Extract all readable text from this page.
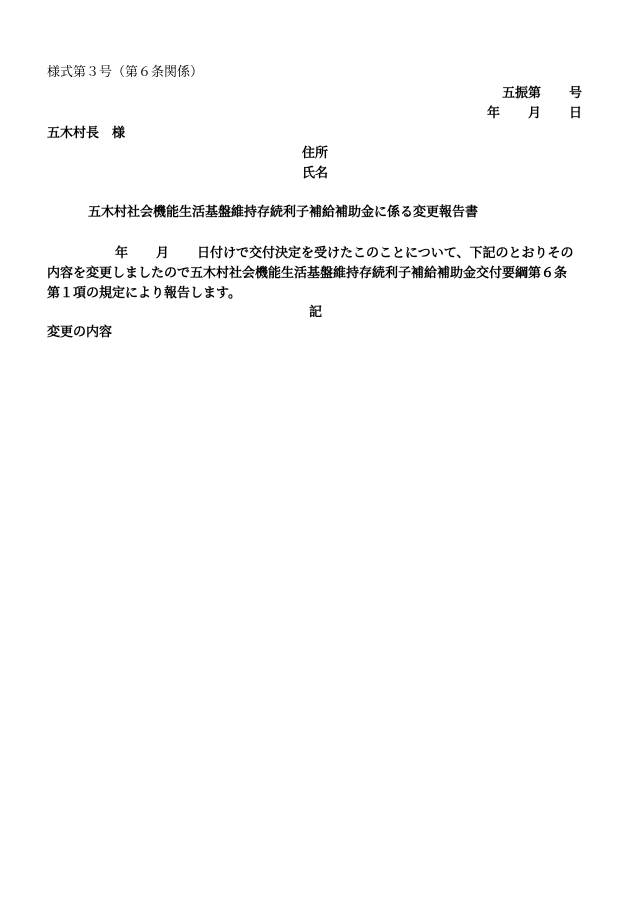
様式第３号（第６条関係）
五振第 号
年 月 日
五木村長　様
住所
氏名
五木村社会機能生活基盤維持存続利子補給補助金に係る変更報告書
年 月 日付けで交付決定を受けたこのことについて、下記のとおりその
内容を変更しましたので五木村社会機能生活基盤維持存続利子補給補助金交付要綱第６条
第１項の規定により報告します。
記
変更の内容
